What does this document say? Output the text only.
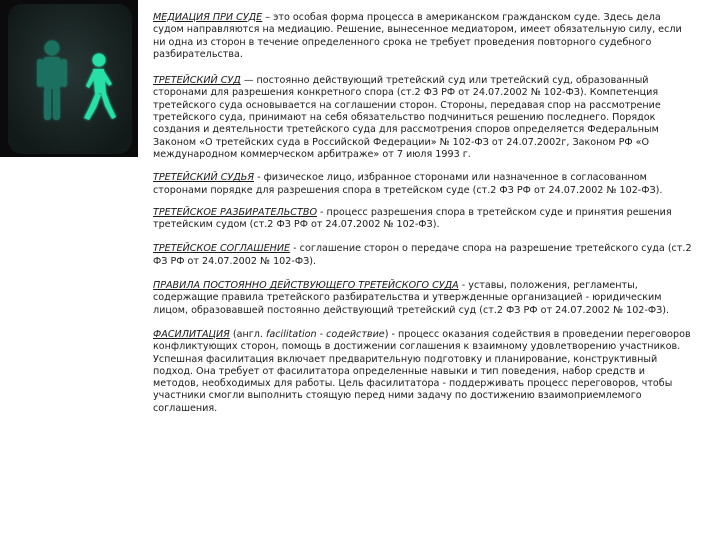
МЕДИАЦИЯ ПРИ СУДЕ – это особая форма процесса в американском гражданском суде. Здесь дела судом направляются на медиацию. Решение, вынесенное медиатором, имеет обязательную силу, если ни одна из сторон в течение определенного срока не требует проведения повторного судебного разбирательства.

ТРЕТЕЙСКИЙ СУД — постоянно действующий третейский суд или третейский суд, образованный сторонами для разрешения конкретного спора (ст.2 ФЗ РФ от 24.07.2002 № 102-ФЗ). Компетенция третейского суда основывается на соглашении сторон. Стороны, передавая спор на рассмотрение третейского суда, принимают на себя обязательство подчиниться решению последнего. Порядок создания и деятельности третейского суда для рассмотрения споров определяется Федеральным Законом «О третейских суда в Российской Федерации» № 102-ФЗ от 24.07.2002г, Законом РФ «О международном коммерческом арбитраже» от 7 июля 1993 г.

ТРЕТЕЙСКИЙ СУДЬЯ - физическое лицо, избранное сторонами или назначенное в согласованном сторонами порядке для разрешения спора в третейском суде (ст.2 ФЗ РФ от 24.07.2002 № 102-ФЗ).

ТРЕТЕЙСКОЕ РАЗБИРАТЕЛЬСТВО - процесс разрешения спора в третейском суде и принятия решения третейским судом (ст.2 ФЗ РФ от 24.07.2002 № 102-ФЗ).

ТРЕТЕЙСКОЕ СОГЛАШЕНИЕ - соглашение сторон о передаче спора на разрешение третейского суда (ст.2 ФЗ РФ от 24.07.2002 № 102-ФЗ).

ПРАВИЛА ПОСТОЯННО ДЕЙСТВУЮЩЕГО ТРЕТЕЙСКОГО СУДА - уставы, положения, регламенты, содержащие правила третейского разбирательства и утвержденные организацией - юридическим лицом, образовавшей постоянно действующий третейский суд (ст.2 ФЗ РФ от 24.07.2002 № 102-ФЗ).

ФАСИЛИТАЦИЯ (англ. facilitation - содействие) - процесс оказания содействия в проведении переговоров конфликтующих сторон, помощь в достижении соглашения к взаимному удовлетворению участников. Успешная фасилитация включает предварительную подготовку и планирование, конструктивный подход. Она требует от фасилитатора определенные навыки и тип поведения, набор средств и методов, необходимых для работы. Цель фасилитатора - поддерживать процесс переговоров, чтобы участники смогли выполнить стоящую перед ними задачу по достижению взаимоприемлемого соглашения.
